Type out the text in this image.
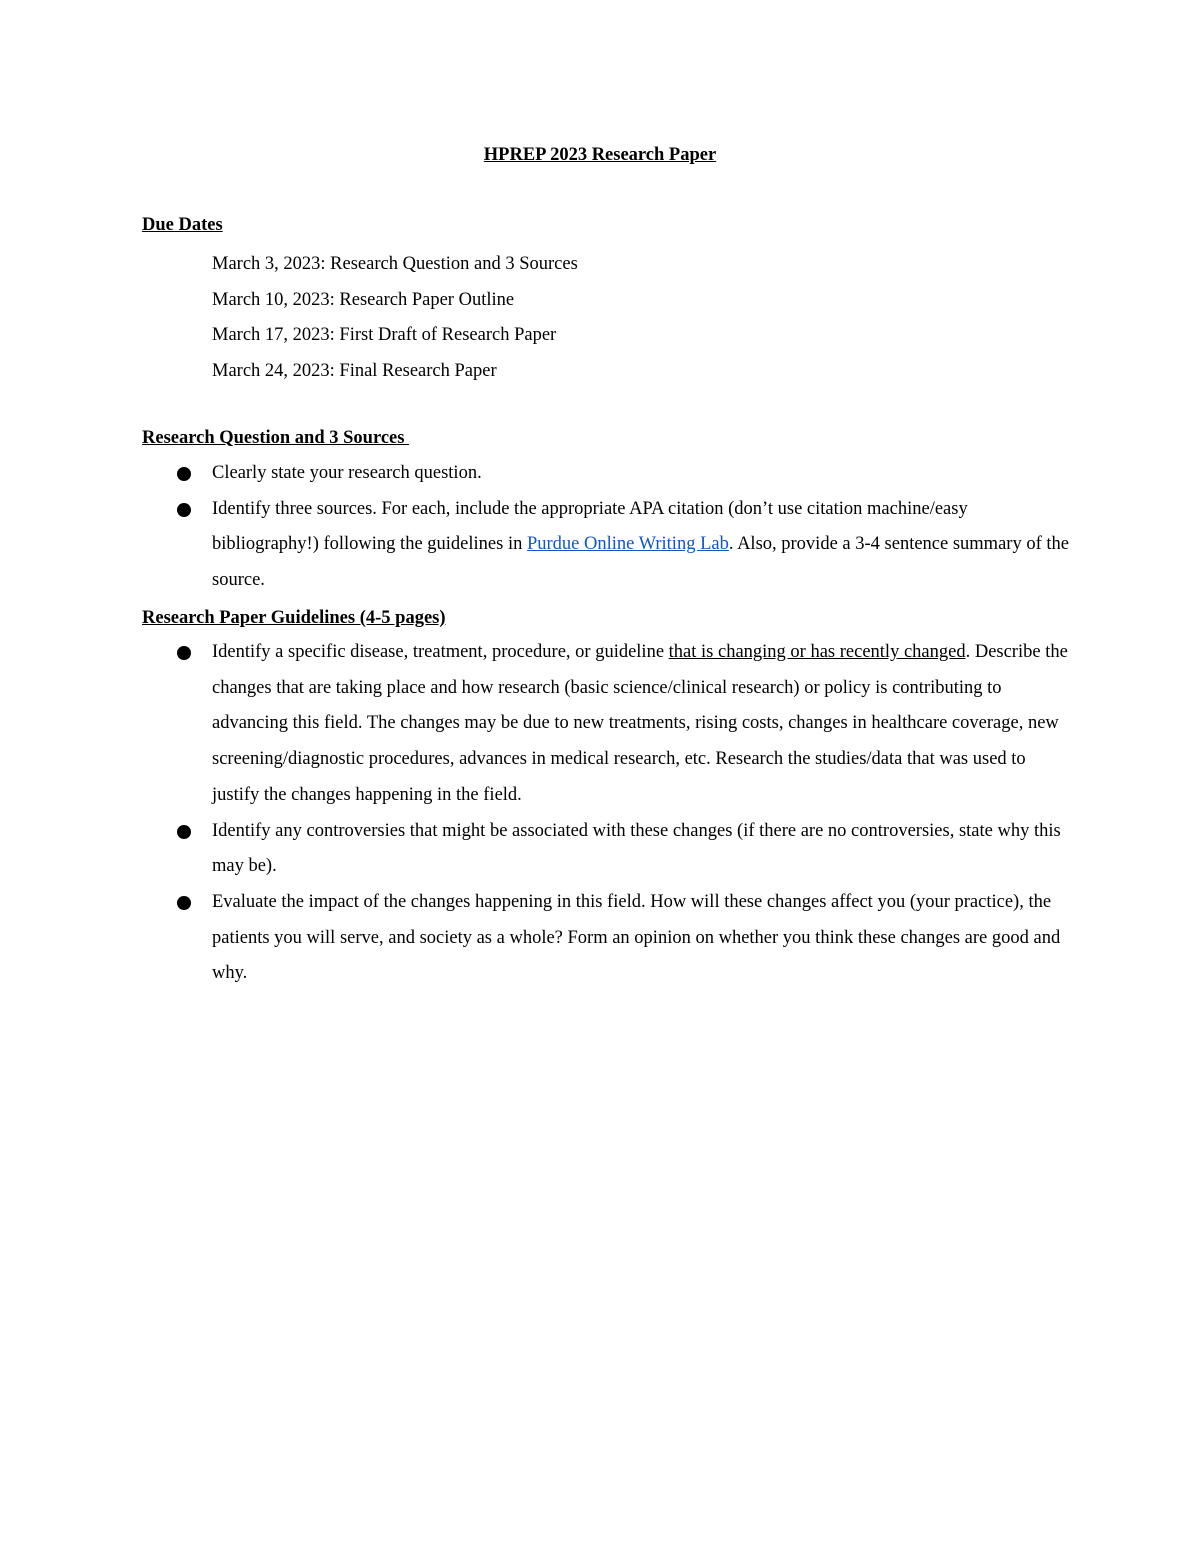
HPREP 2023 Research Paper
Due Dates
March 3, 2023: Research Question and 3 Sources
March 10, 2023: Research Paper Outline
March 17, 2023: First Draft of Research Paper
March 24, 2023: Final Research Paper
Research Question and 3 Sources
Clearly state your research question.
Identify three sources. For each, include the appropriate APA citation (don’t use citation machine/easy bibliography!) following the guidelines in Purdue Online Writing Lab. Also, provide a 3-4 sentence summary of the source.
Research Paper Guidelines (4-5 pages)
Identify a specific disease, treatment, procedure, or guideline that is changing or has recently changed. Describe the changes that are taking place and how research (basic science/clinical research) or policy is contributing to advancing this field. The changes may be due to new treatments, rising costs, changes in healthcare coverage, new screening/diagnostic procedures, advances in medical research, etc. Research the studies/data that was used to justify the changes happening in the field.
Identify any controversies that might be associated with these changes (if there are no controversies, state why this may be).
Evaluate the impact of the changes happening in this field. How will these changes affect you (your practice), the patients you will serve, and society as a whole? Form an opinion on whether you think these changes are good and why.
